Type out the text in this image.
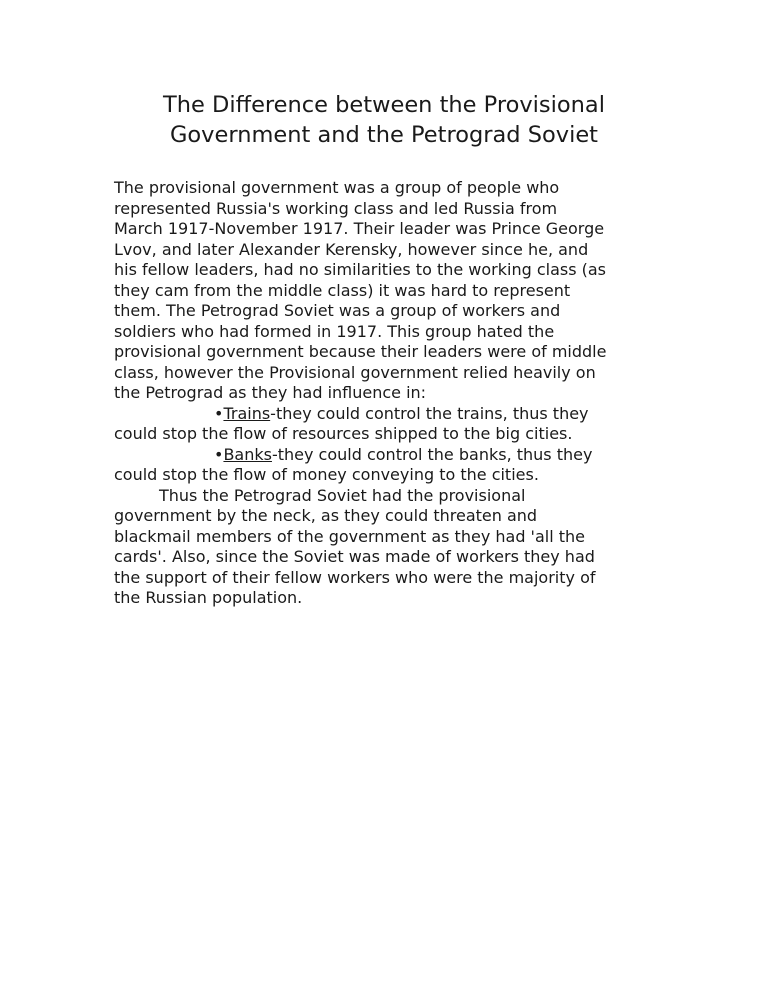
The Difference between the Provisional
Government and the Petrograd Soviet

The provisional government was a group of people who

represented Russia's working class and led Russia from

March 1917-November 1917. Their leader was Prince George

Lvov, and later Alexander Kerensky, however since he, and

his fellow leaders, had no similarities to the working class (as

they cam from the middle class) it was hard to represent

them. The Petrograd Soviet was a group of workers and

soldiers who had formed in 1917. This group hated the

provisional government because their leaders were of middle

class, however the Provisional government relied heavily on

the Petrograd as they had influence in:

•Trains-they could control the trains, thus they

could stop the flow of resources shipped to the big cities.

•Banks-they could control the banks, thus they

could stop the flow of money conveying to the cities.

Thus the Petrograd Soviet had the provisional

government by the neck, as they could threaten and

blackmail members of the government as they had 'all the

cards'. Also, since the Soviet was made of workers they had

the support of their fellow workers who were the majority of

the Russian population.
